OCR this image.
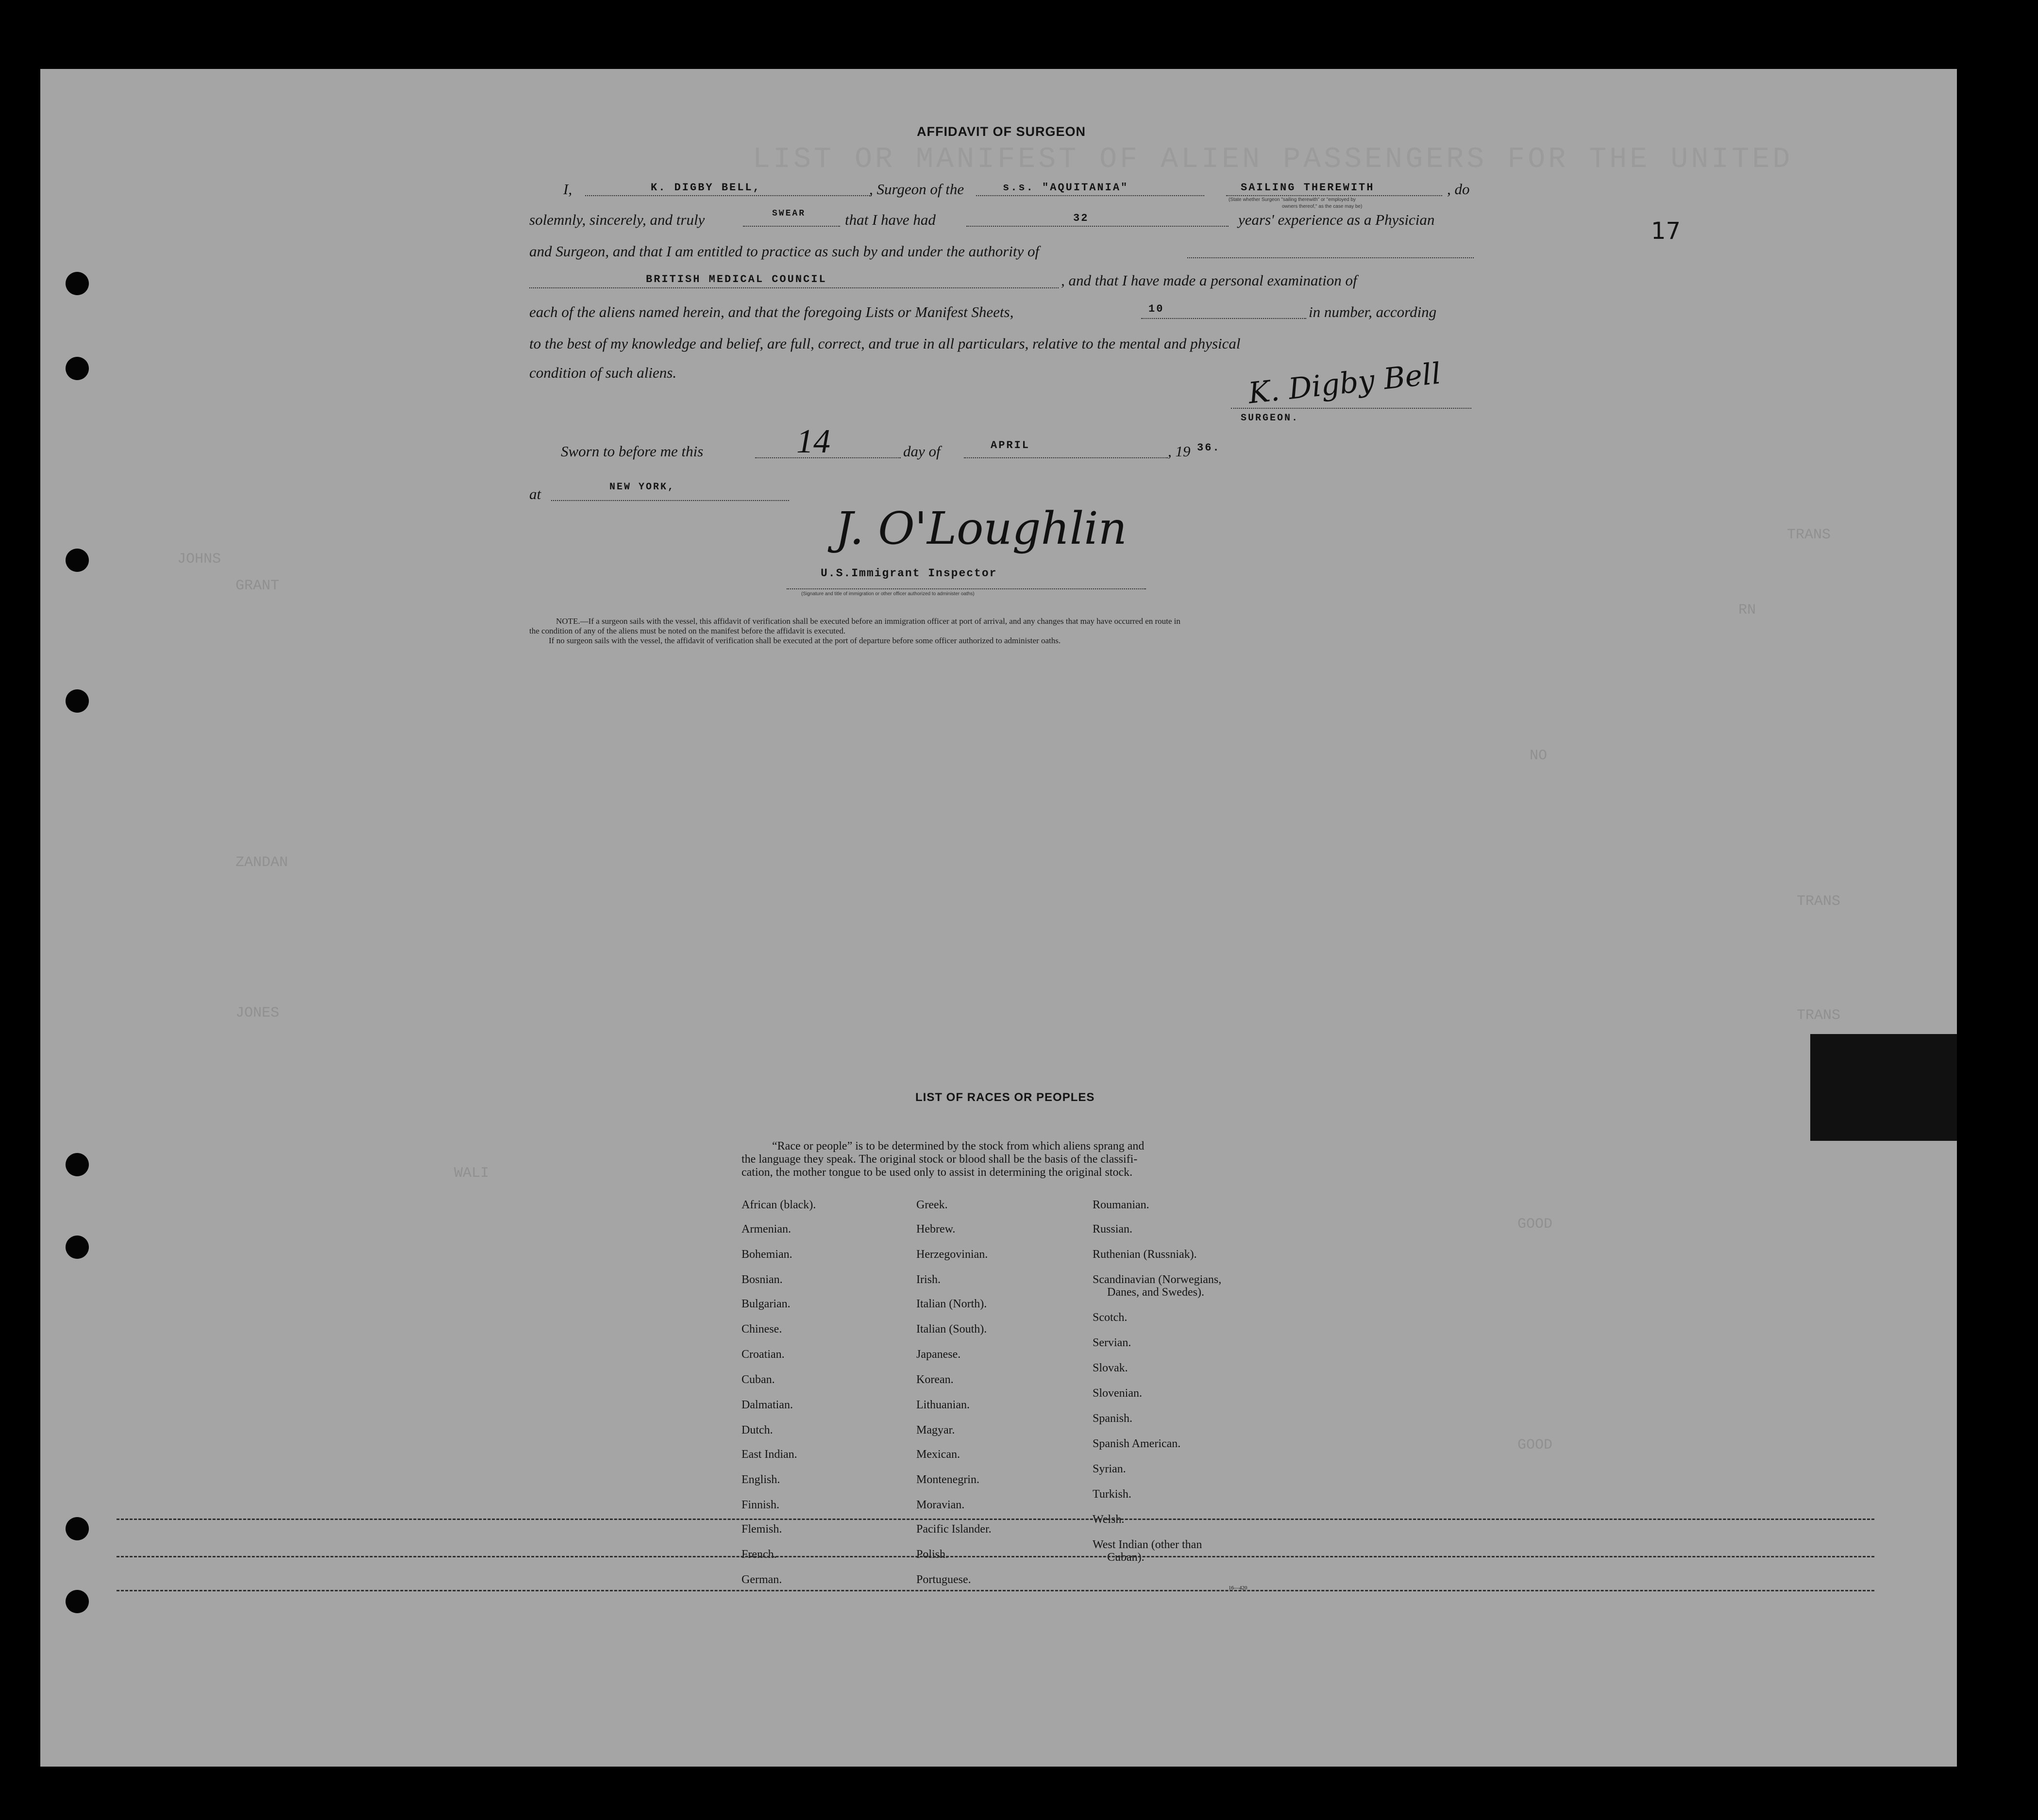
LIST OR MANIFEST OF ALIEN PASSENGERS FOR THE UNITED
TRANS
TRANS
TRANS
JOHNS
ZANDAN
WALI
JONES
GRANT
RN
NO
GOOD
GOOD
17
AFFIDAVIT OF SURGEON
I,	K. DIGBY BELL,	, Surgeon of the	s.s. "AQUITANIA"	SAILING THEREWITH	, do
(State whether Surgeon "sailing therewith" or "employed by
owners thereof," as the case may be)
solemnly, sincerely, and truly	SWEAR	that I have had	32	years' experience as a Physician
and Surgeon, and that I am entitled to practice as such by and under the authority of
BRITISH MEDICAL COUNCIL	, and that I have made a personal examination of
each of the aliens named herein, and that the foregoing Lists or Manifest Sheets,	10	in number, according
to the best of my knowledge and belief, are full, correct, and true in all particulars, relative to the mental and physical
condition of such aliens.	K. Digby Bell
SURGEON.
Sworn to before me this	14	day of	APRIL	, 19 36.
at	NEW YORK,
J. O'Loughlin
U.S.Immigrant Inspector
(Signature and title of immigration or other officer authorized to administer oaths)
NOTE.—If a surgeon sails with the vessel, this affidavit of verification shall be executed before an immigration officer at port of arrival, and any changes that may have occurred en route in
the condition of any of the aliens must be noted on the manifest before the affidavit is executed.
If no surgeon sails with the vessel, the affidavit of verification shall be executed at the port of departure before some officer authorized to administer oaths.
LIST OF RACES OR PEOPLES
“Race or people” is to be determined by the stock from which aliens sprang and
the language they speak. The original stock or blood shall be the basis of the classifi-
cation, the mother tongue to be used only to assist in determining the original stock.
African (black).
Armenian.
Bohemian.
Bosnian.
Bulgarian.
Chinese.
Croatian.
Cuban.
Dalmatian.
Dutch.
East Indian.
English.
Finnish.
Flemish.
French.
German.
Greek.
Hebrew.
Herzegovinian.
Irish.
Italian (North).
Italian (South).
Japanese.
Korean.
Lithuanian.
Magyar.
Mexican.
Montenegrin.
Moravian.
Pacific Islander.
Polish.
Portuguese.
Roumanian.
Russian.
Ruthenian (Russniak).
Scandinavian (Norwegians,
Danes, and Swedes).
Scotch.
Servian.
Slovak.
Slovenian.
Spanish.
Spanish American.
Syrian.
Turkish.
Welsh.
West Indian (other than
Cuban).
16—420
